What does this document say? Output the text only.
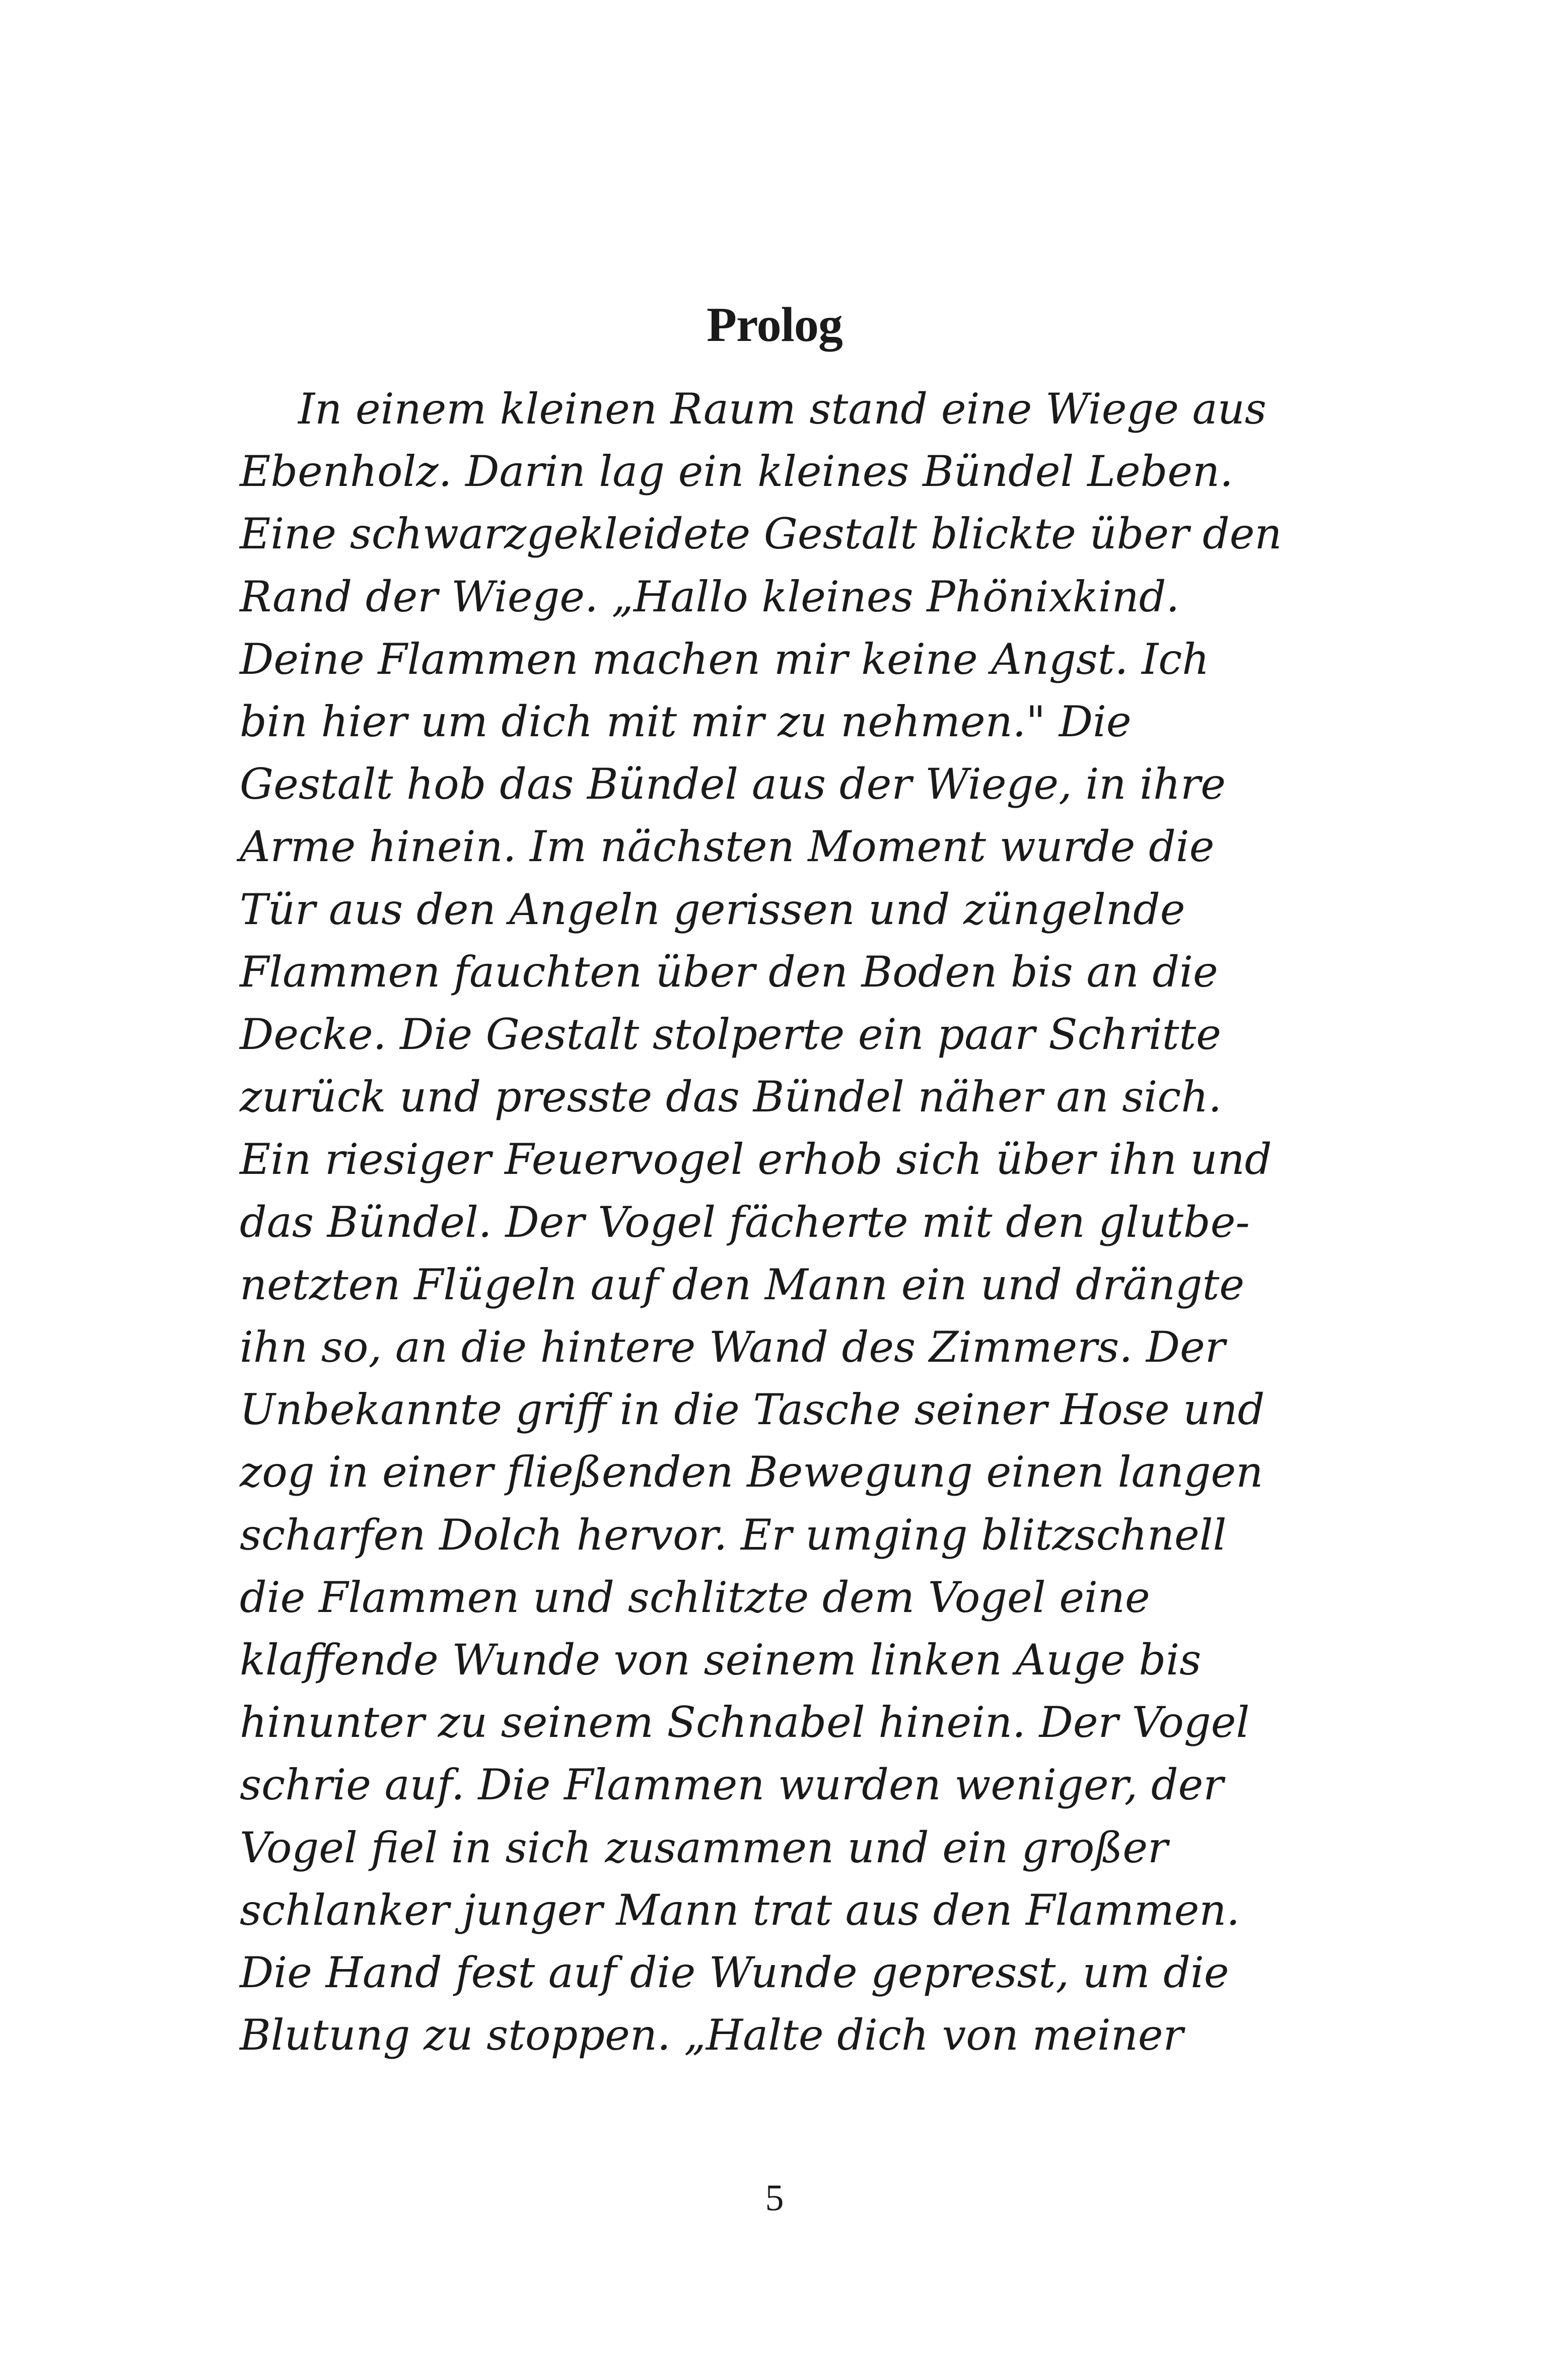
Prolog
In einem kleinen Raum stand eine Wiege aus
Ebenholz. Darin lag ein kleines Bündel Leben.
Eine schwarzgekleidete Gestalt blickte über den
Rand der Wiege. „Hallo kleines Phönixkind.
Deine Flammen machen mir keine Angst. Ich
bin hier um dich mit mir zu nehmen." Die
Gestalt hob das Bündel aus der Wiege, in ihre
Arme hinein. Im nächsten Moment wurde die
Tür aus den Angeln gerissen und züngelnde
Flammen fauchten über den Boden bis an die
Decke. Die Gestalt stolperte ein paar Schritte
zurück und presste das Bündel näher an sich.
Ein riesiger Feuervogel erhob sich über ihn und
das Bündel. Der Vogel fächerte mit den glutbe-
netzten Flügeln auf den Mann ein und drängte
ihn so, an die hintere Wand des Zimmers. Der
Unbekannte griff in die Tasche seiner Hose und
zog in einer fließenden Bewegung einen langen
scharfen Dolch hervor. Er umging blitzschnell
die Flammen und schlitzte dem Vogel eine
klaffende Wunde von seinem linken Auge bis
hinunter zu seinem Schnabel hinein. Der Vogel
schrie auf. Die Flammen wurden weniger, der
Vogel fiel in sich zusammen und ein großer
schlanker junger Mann trat aus den Flammen.
Die Hand fest auf die Wunde gepresst, um die
Blutung zu stoppen. „Halte dich von meiner
5
